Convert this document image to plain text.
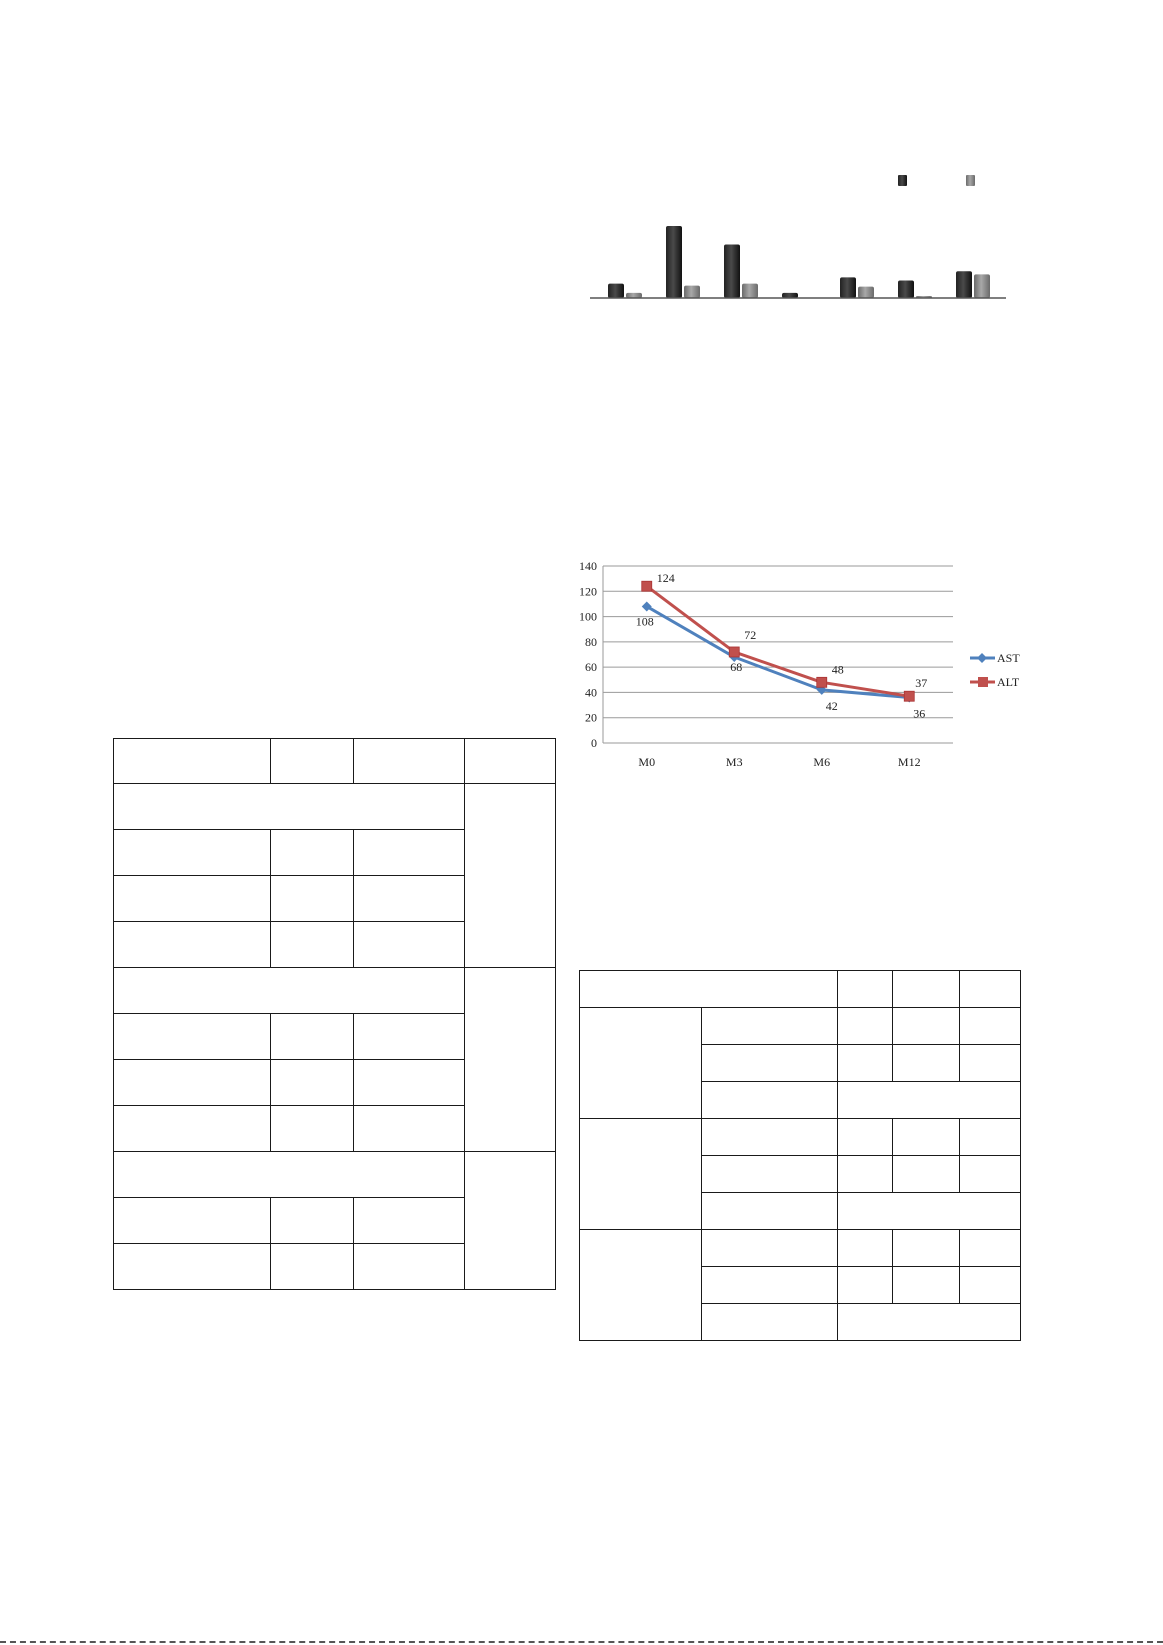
0
20
40
60
80
100
120
140
M0	M3	M6	M12
108
68
42
36
124
72
48
37
AST
ALT
